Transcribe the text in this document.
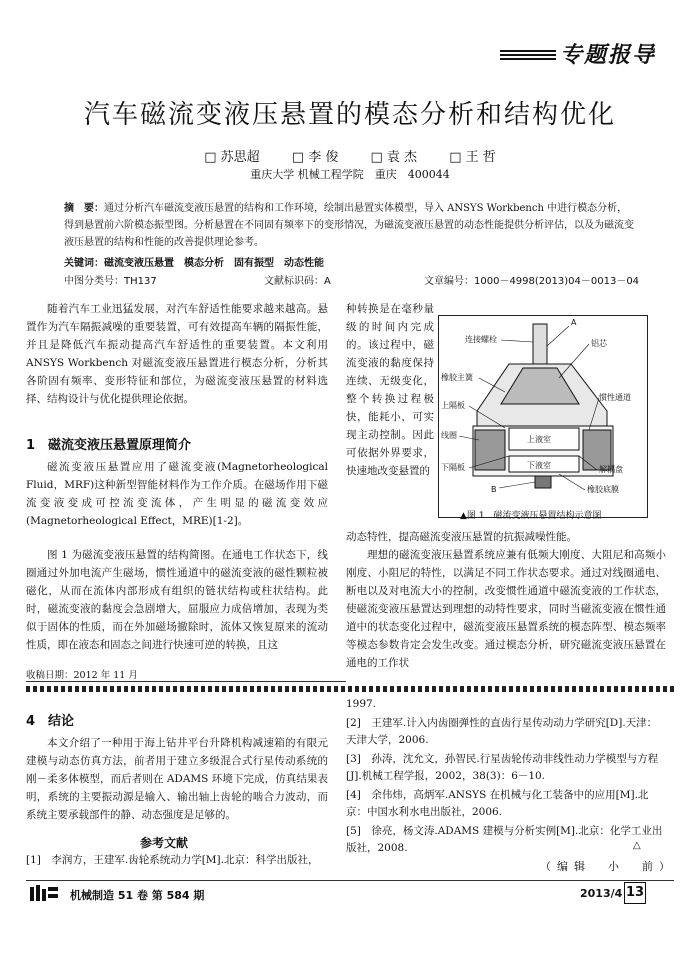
专题报导
汽车磁流变液压悬置的模态分析和结构优化
□ 苏思超	□ 李 俊	□ 袁 杰	□ 王 哲
重庆大学 机械工程学院　重庆　400044
摘　要：通过分析汽车磁流变液压悬置的结构和工作环境，绘制出悬置实体模型，导入 ANSYS Workbench 中进行模态分析，得到悬置前六阶模态振型图。分析悬置在不同固有频率下的变形情况，为磁流变液压悬置的动态性能提供分析评估，以及为磁流变液压悬置的结构和性能的改善提供理论参考。
关键词：磁流变液压悬置　模态分析　固有振型　动态性能
中图分类号：TH137	文献标识码：A	文章编号：1000－4998(2013)04－0013－04
随着汽车工业迅猛发展，对汽车舒适性能要求越来越高。悬置作为汽车隔振减噪的重要装置，可有效提高车辆的隔振性能，并且是降低汽车振动提高汽车舒适性的重要装置。本文利用 ANSYS Workbench 对磁流变液压悬置进行模态分析，分析其各阶固有频率、变形特征和部位，为磁流变液压悬置的材料选择、结构设计与优化提供理论依据。
1　磁流变液压悬置原理简介
磁流变液压悬置应用了磁流变液(Magnetorheological Fluid，MRF)这种新型智能材料作为工作介质。在磁场作用下磁流变液变成可控流变流体，产生明显的磁流变效应(Magnetorheological Effect，MRE)[1-2]。
图 1 为磁流变液压悬置的结构简图。在通电工作状态下，线圈通过外加电流产生磁场，惯性通道中的磁流变液的磁性颗粒被磁化，从而在流体内部形成有组织的链状结构或柱状结构。此时，磁流变液的黏度会急剧增大，屈服应力成倍增加，表现为类似于固体的性质，而在外加磁场撤除时，流体又恢复原来的流动性质，即在液态和固态之间进行快速可逆的转换，且这
种转换是在毫秒量级的时间内完成的。该过程中，磁流变液的黏度保持连续、无级变化，整个转换过程极快，能耗小，可实现主动控制。因此可依据外界要求，快速地改变悬置的
A
连接螺栓	铝芯
橡胶主簧
上隔板
惯性通道
线圈	上液室
下隔板	下液室	解耦盘
橡胶底膜
B
▲图 1　磁流变液压悬置结构示意图
动态特性，提高磁流变液压悬置的抗振减噪性能。
理想的磁流变液压悬置系统应兼有低频大刚度、大阻尼和高频小刚度、小阻尼的特性，以满足不同工作状态要求。通过对线圈通电、断电以及对电流大小的控制，改变惯性通道中磁流变液的工作状态，使磁流变液压悬置达到理想的动特性要求，同时当磁流变液在惯性通道中的状态变化过程中，磁流变液压悬置系统的模态阵型、模态频率等模态参数肯定会发生改变。通过模态分析，研究磁流变液压悬置在通电的工作状
收稿日期：2012 年 11 月
4　结论
本文介绍了一种用于海上钻井平台升降机构减速箱的有限元建模与动态仿真方法，前者用于建立多级混合式行星传动系统的刚－柔多体模型，而后者则在 ADAMS 环境下完成，仿真结果表明，系统的主要振动源是输入、输出轴上齿轮的啮合力波动，而系统主要承载部件的静、动态强度是足够的。
参考文献
[1]　李润方，王建军.齿轮系统动力学[M].北京：科学出版社，
1997.
[2]　王建军.计入内齿圈弹性的直齿行星传动动力学研究[D].天津：天津大学，2006.
[3]　孙涛，沈允文，孙智民.行星齿轮传动非线性动力学模型与方程[J].机械工程学报，2002，38(3)：6－10.
[4]　余伟炜，高炳军.ANSYS 在机械与化工装备中的应用[M].北京：中国水利水电出版社，2006.
[5]　徐亮，杨文涛.ADAMS 建模与分析实例[M].北京：化学工业出版社，2008.	△
（编辑　小　前）
机械制造 51 卷 第 584 期	2013/4 13
